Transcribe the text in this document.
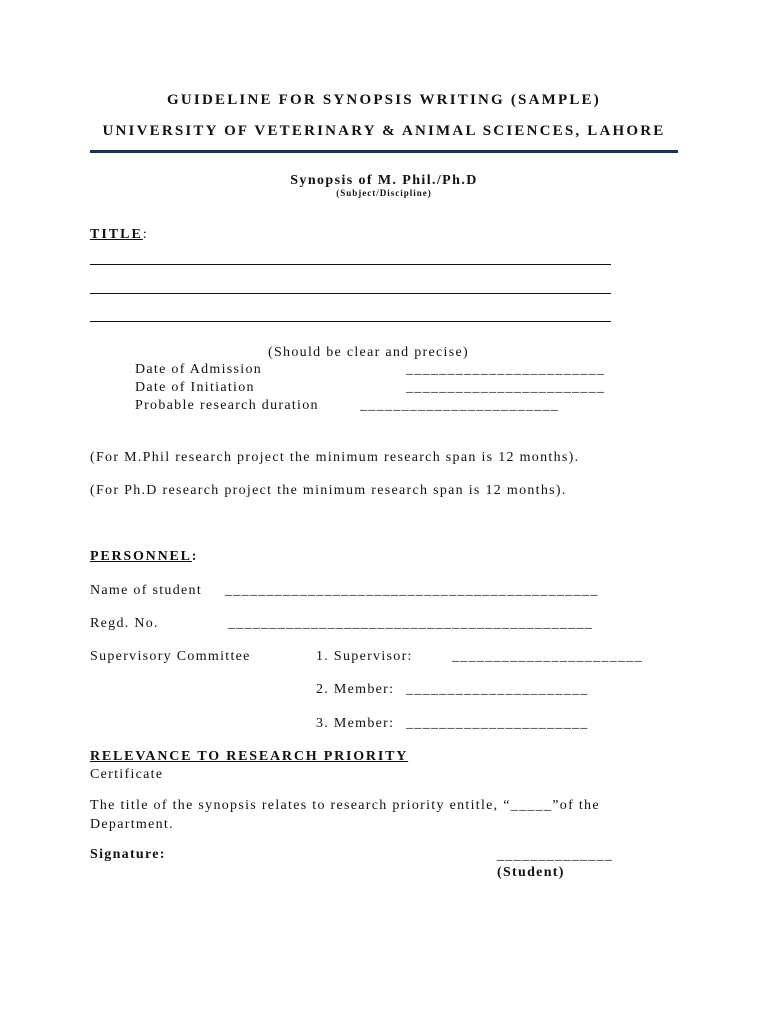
GUIDELINE FOR SYNOPSIS WRITING (SAMPLE)
UNIVERSITY OF VETERINARY & ANIMAL SCIENCES, LAHORE
Synopsis of M. Phil./Ph.D
(Subject/Discipline)
TITLE:
(Should be clear and precise)
Date of Admission	________________________
Date of Initiation	________________________
Probable research duration	________________________
(For M.Phil research project the minimum research span is 12 months).
(For Ph.D research project the minimum research span is 12 months).
PERSONNEL:
Name of student _____________________________________________
Regd. No.	____________________________________________
Supervisory Committee	1. Supervisor:	_______________________
2. Member: ______________________
3. Member: ______________________
RELEVANCE TO RESEARCH PRIORITY
Certificate
The title of the synopsis relates to research priority entitle, “_____”of the
Department.
Signature:	______________
(Student)
